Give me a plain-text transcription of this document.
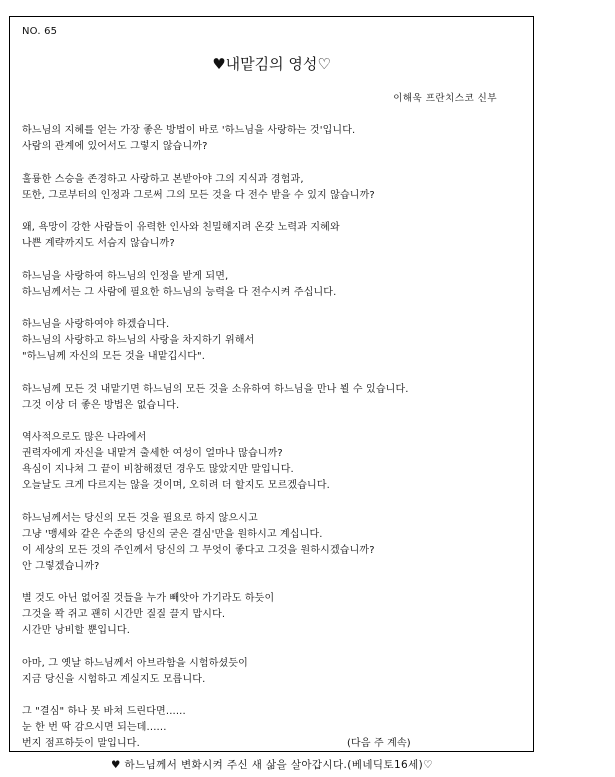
NO. 65
♥내맡김의 영성♡
이해욱 프란치스코 신부
하느님의 지혜를 얻는 가장 좋은 방법이 바로 '하느님을 사랑하는 것'입니다.
사람의 관계에 있어서도 그렇지 않습니까?
훌륭한 스승을 존경하고 사랑하고 본받아야 그의 지식과 경험과,
또한, 그로부터의 인정과 그로써 그의 모든 것을 다 전수 받을 수 있지 않습니까?
왜, 욕망이 강한 사람들이 유력한 인사와 친밀해지려 온갖 노력과 지혜와
나쁜 계략까지도 서슴지 않습니까?
하느님을 사랑하여 하느님의 인정을 받게 되면,
하느님께서는 그 사람에 필요한 하느님의 능력을 다 전수시켜 주십니다.
하느님을 사랑하여야 하겠습니다.
하느님의 사랑하고 하느님의 사랑을 차지하기 위해서
"하느님께 자신의 모든 것을 내맡깁시다".
하느님께 모든 것 내맡기면 하느님의 모든 것을 소유하여 하느님을 만나 뵐 수 있습니다.
그것 이상 더 좋은 방법은 없습니다.
역사적으로도 많은 나라에서
권력자에게 자신을 내맡겨 출세한 여성이 얼마나 많습니까?
욕심이 지나쳐 그 끝이 비참해졌던 경우도 많았지만 말입니다.
오늘날도 크게 다르지는 않을 것이며, 오히려 더 할지도 모르겠습니다.
하느님께서는 당신의 모든 것을 필요로 하지 않으시고
그냥 '맹세와 같은 수준의 당신의 굳은 결심'만을 원하시고 계십니다.
이 세상의 모든 것의 주인께서 당신의 그 무엇이 좋다고 그것을 원하시겠습니까?
안 그렇겠습니까?
별 것도 아닌 없어질 것들을 누가 빼앗아 가기라도 하듯이
그것을 꽉 쥐고 괜히 시간만 질질 끌지 맙시다.
시간만 낭비할 뿐입니다.
아마, 그 옛날 하느님께서 아브라함을 시험하셨듯이
지금 당신을 시험하고 계실지도 모릅니다.
그 "결심" 하나 못 바쳐 드린다면......
눈 한 번 딱 감으시면 되는데......
번지 점프하듯이 말입니다.	(다음 주 계속)
♥ 하느님께서 변화시켜 주신 새 삶을 살아갑시다.(베네딕토16세)♡
